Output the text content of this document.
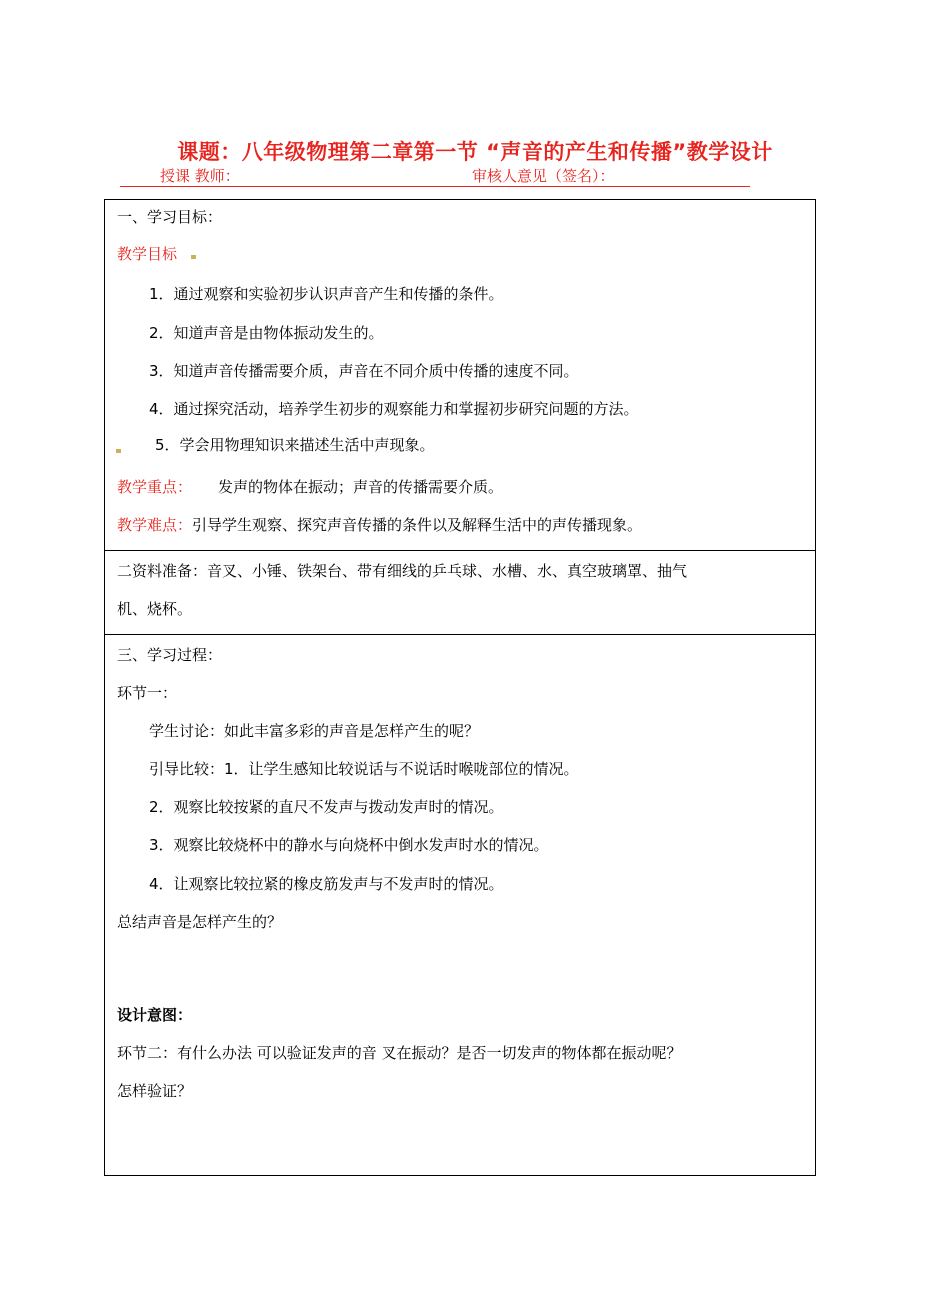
课题：八年级物理第二章第一节 “声音的产生和传播”教学设计
授课 教师：	审核人意见（签名）：
一、学习目标：
教学目标
1．通过观察和实验初步认识声音产生和传播的条件。
2．知道声音是由物体振动发生的。
3．知道声音传播需要介质，声音在不同介质中传播的速度不同。
4．通过探究活动，培养学生初步的观察能力和掌握初步研究问题的方法。
5．学会用物理知识来描述生活中声现象。
教学重点： 发声的物体在振动；声音的传播需要介质。
教学难点：引导学生观察、探究声音传播的条件以及解释生活中的声传播现象。
二资料准备：音叉、小锤、铁架台、带有细线的乒乓球、水槽、水、真空玻璃罩、抽气
机、烧杯。
三、学习过程：
环节一：
学生讨论：如此丰富多彩的声音是怎样产生的呢？
引导比较：1．让学生感知比较说话与不说话时喉咙部位的情况。
2．观察比较按紧的直尺不发声与拨动发声时的情况。
3．观察比较烧杯中的静水与向烧杯中倒水发声时水的情况。
4．让观察比较拉紧的橡皮筋发声与不发声时的情况。
总结声音是怎样产生的？
设计意图：
环节二：有什么办法 可以验证发声的音 叉在振动？是否一切发声的物体都在振动呢？
怎样验证？
